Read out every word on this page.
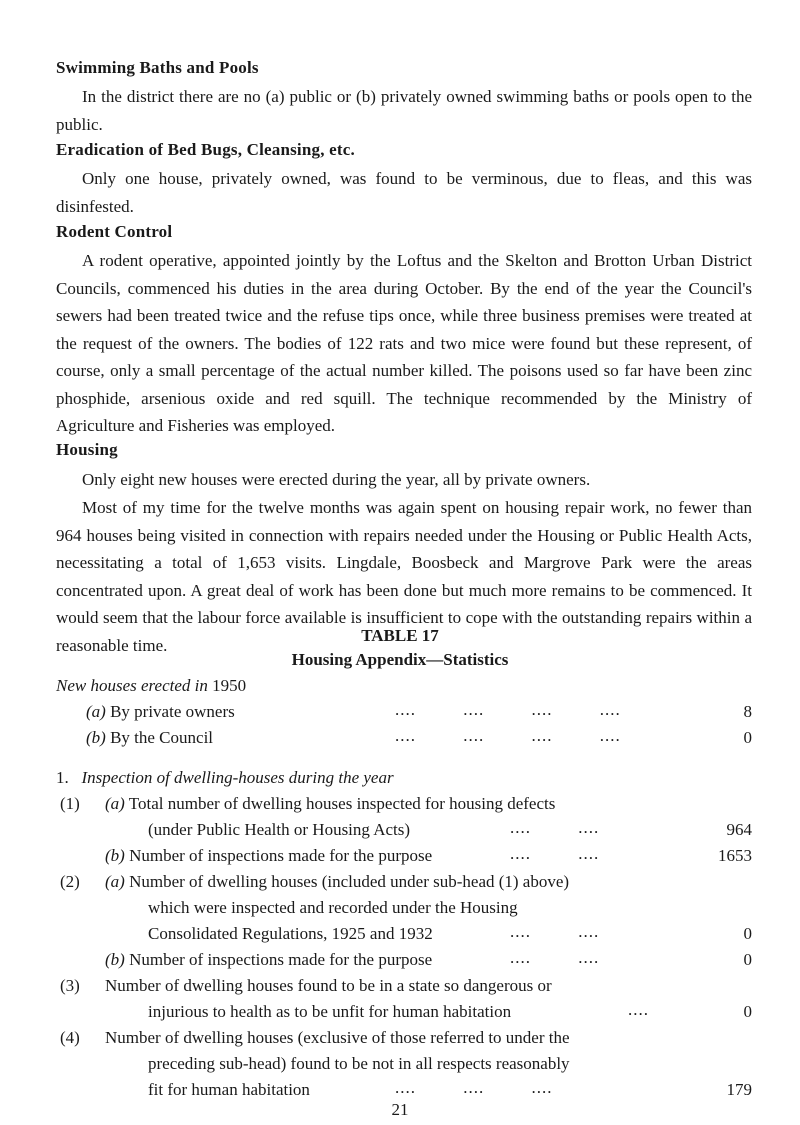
Swimming Baths and Pools

In the district there are no (a) public or (b) privately owned swimming baths or pools open to the public.

Eradication of Bed Bugs, Cleansing, etc.

Only one house, privately owned, was found to be verminous, due to fleas, and this was disinfested.

Rodent Control

A rodent operative, appointed jointly by the Loftus and the Skelton and Brotton Urban District Councils, commenced his duties in the area during October. By the end of the year the Council's sewers had been treated twice and the refuse tips once, while three business premises were treated at the request of the owners. The bodies of 122 rats and two mice were found but these represent, of course, only a small percentage of the actual number killed. The poisons used so far have been zinc phosphide, arsenious oxide and red squill. The technique recommended by the Ministry of Agriculture and Fisheries was employed.

Housing

Only eight new houses were erected during the year, all by private owners.

Most of my time for the twelve months was again spent on housing repair work, no fewer than 964 houses being visited in connection with repairs needed under the Housing or Public Health Acts, necessitating a total of 1,653 visits. Lingdale, Boosbeck and Margrove Park were the areas concentrated upon. A great deal of work has been done but much more remains to be commenced. It would seem that the labour force available is insufficient to cope with the outstanding repairs within a reasonable time.	TABLE 17
Housing Appendix—Statistics
New houses erected in 1950
(a) By private owners	....	....	....	....	8
(b) By the Council	....	....	....	....	0
1. Inspection of dwelling-houses during the year
(1) (a) Total number of dwelling houses inspected for housing defects
(under Public Health or Housing Acts)	....	....	964
(b) Number of inspections made for the purpose	....	....	1653
(2) (a) Number of dwelling houses (included under sub-head (1) above)
which were inspected and recorded under the Housing
Consolidated Regulations, 1925 and 1932	....	....	0
(b) Number of inspections made for the purpose	....	....	0
(3) Number of dwelling houses found to be in a state so dangerous or
injurious to health as to be unfit for human habitation	....	0
(4) Number of dwelling houses (exclusive of those referred to under the
preceding sub-head) found to be not in all respects reasonably
fit for human habitation	....	....	....	179
21
